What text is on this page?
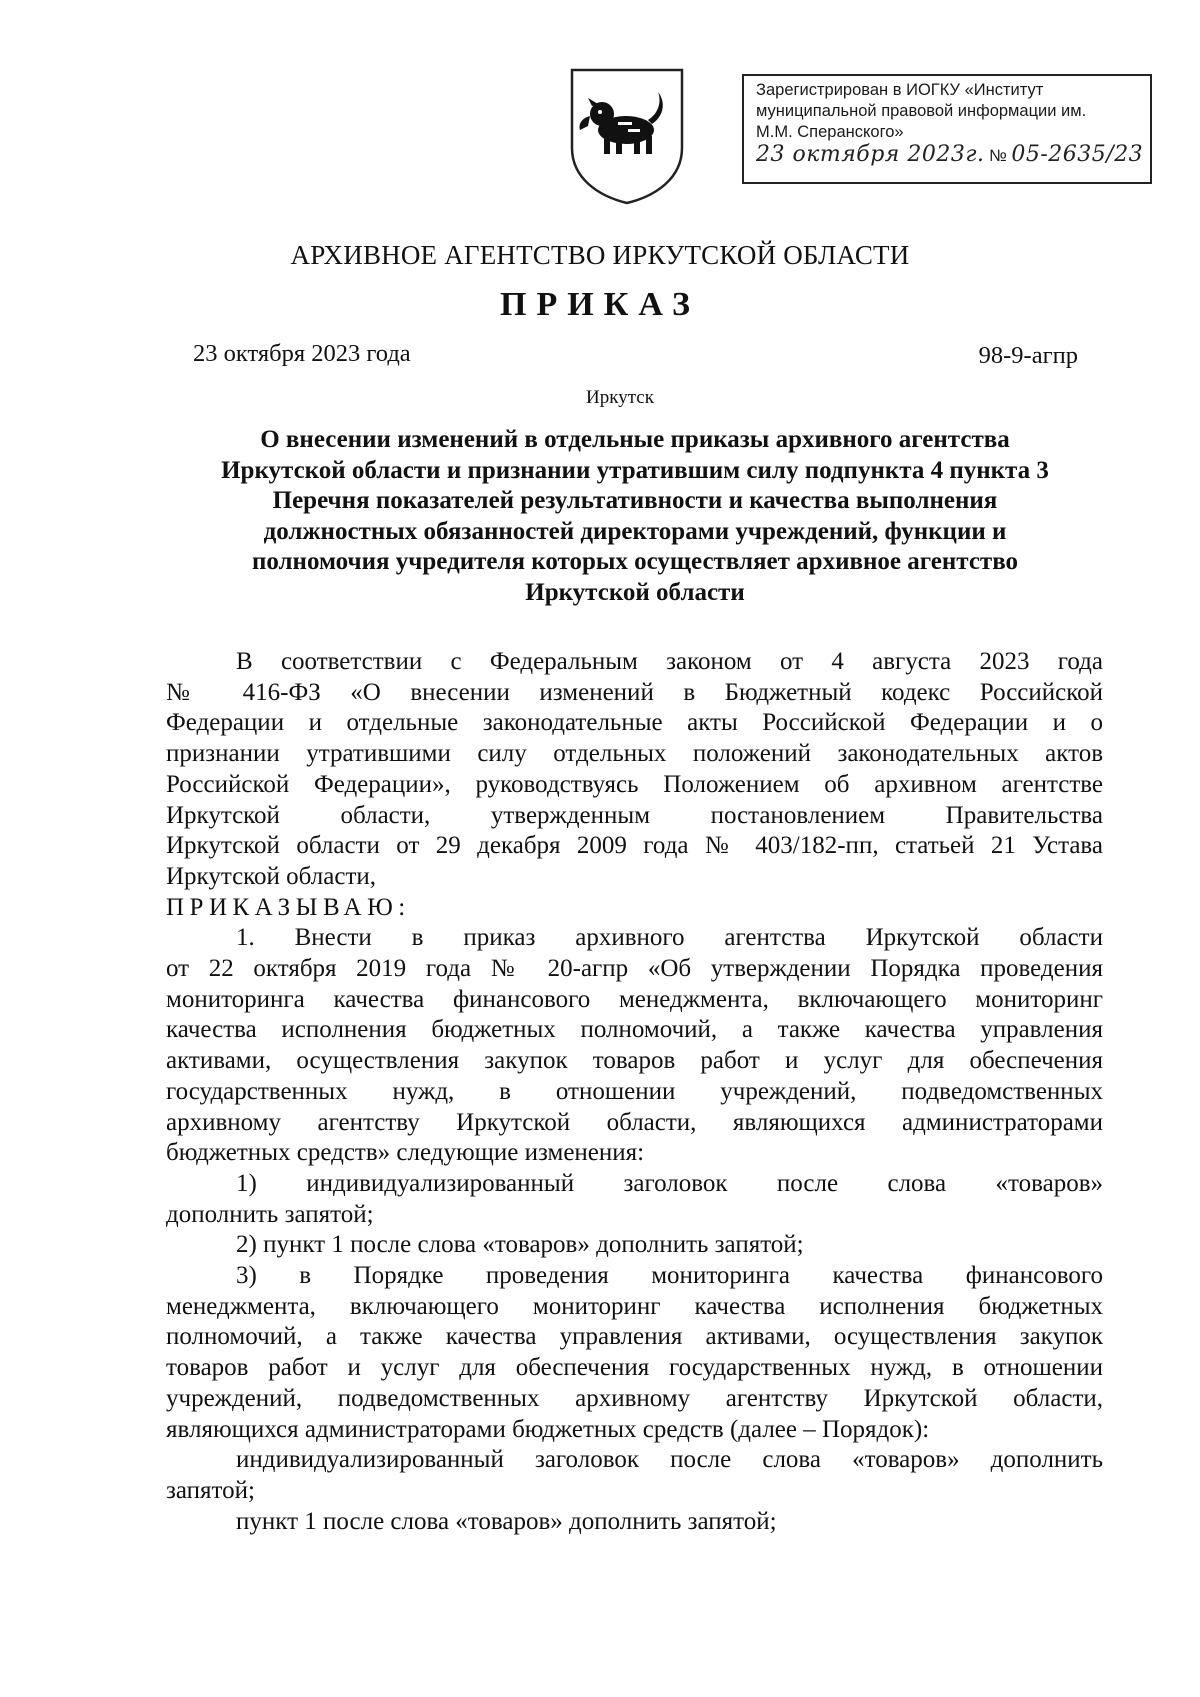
Зарегистрирован в ИОГКУ «Институт
муниципальной правовой информации им.
М.М. Сперанского»
23 октября 2023г. № 05-2635/23
АРХИВНОЕ АГЕНТСТВО ИРКУТСКОЙ ОБЛАСТИ
ПРИКАЗ
23 октября 2023 года	98-9-агпр
Иркутск
О внесении изменений в отдельные приказы архивного агентства
Иркутской области и признании утратившим силу подпункта 4 пункта 3
Перечня показателей результативности и качества выполнения
должностных обязанностей директорами учреждений, функции и
полномочия учредителя которых осуществляет архивное агентство
Иркутской области

В соответствии с Федеральным законом от 4 августа 2023 года

№ 416-ФЗ «О внесении изменений в Бюджетный кодекс Российской

Федерации и отдельные законодательные акты Российской Федерации и о

признании утратившими силу отдельных положений законодательных актов

Российской Федерации», руководствуясь Положением об архивном агентстве

Иркутской области, утвержденным постановлением Правительства

Иркутской области от 29 декабря 2009 года № 403/182-пп, статьей 21 Устава

Иркутской области,

ПРИКАЗЫВАЮ:

1. Внести в приказ архивного агентства Иркутской области

от 22 октября 2019 года № 20-агпр «Об утверждении Порядка проведения

мониторинга качества финансового менеджмента, включающего мониторинг

качества исполнения бюджетных полномочий, а также качества управления

активами, осуществления закупок товаров работ и услуг для обеспечения

государственных нужд, в отношении учреждений, подведомственных

архивному агентству Иркутской области, являющихся администраторами

бюджетных средств» следующие изменения:

1) индивидуализированный заголовок после слова «товаров»

дополнить запятой;

2) пункт 1 после слова «товаров» дополнить запятой;

3) в Порядке проведения мониторинга качества финансового

менеджмента, включающего мониторинг качества исполнения бюджетных

полномочий, а также качества управления активами, осуществления закупок

товаров работ и услуг для обеспечения государственных нужд, в отношении

учреждений, подведомственных архивному агентству Иркутской области,

являющихся администраторами бюджетных средств (далее – Порядок):

индивидуализированный заголовок после слова «товаров» дополнить

запятой;

пункт 1 после слова «товаров» дополнить запятой;
